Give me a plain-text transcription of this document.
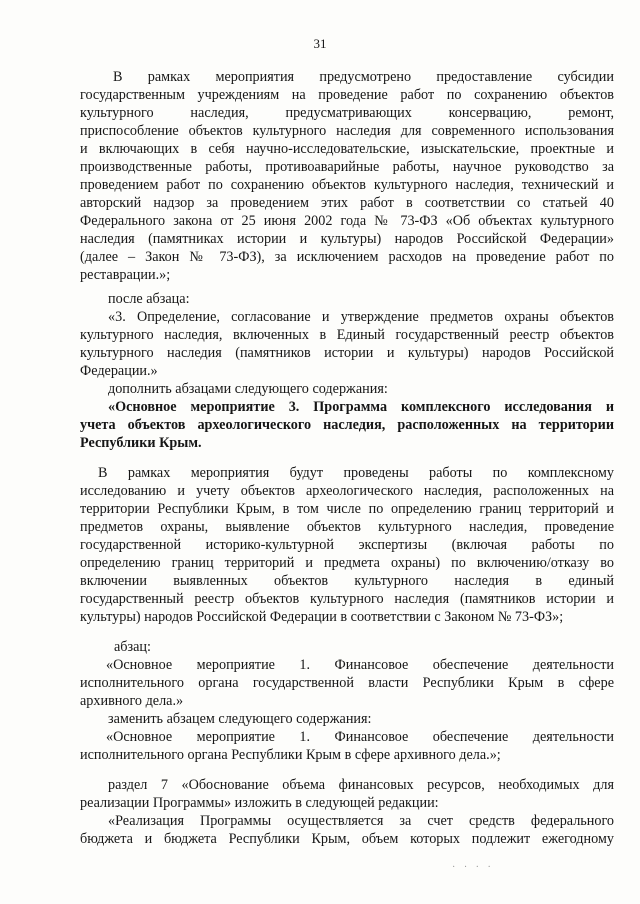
31
В рамках мероприятия предусмотрено предоставление субсидии
государственным учреждениям на проведение работ по сохранению объектов
культурного наследия, предусматривающих консервацию, ремонт,
приспособление объектов культурного наследия для современного использования
и включающих в себя научно-исследовательские, изыскательские, проектные и
производственные работы, противоаварийные работы, научное руководство за
проведением работ по сохранению объектов культурного наследия, технический и
авторский надзор за проведением этих работ в соответствии со статьей 40
Федерального закона от 25 июня 2002 года № 73-ФЗ «Об объектах культурного
наследия (памятниках истории и культуры) народов Российской Федерации»
(далее – Закон № 73-ФЗ), за исключением расходов на проведение работ по
реставрации.»;
после абзаца:
«3. Определение, согласование и утверждение предметов охраны объектов
культурного наследия, включенных в Единый государственный реестр объектов
культурного наследия (памятников истории и культуры) народов Российской
Федерации.»
дополнить абзацами следующего содержания:
«Основное мероприятие 3. Программа комплексного исследования и
учета объектов археологического наследия, расположенных на территории
Республики Крым.
В рамках мероприятия будут проведены работы по комплексному
исследованию и учету объектов археологического наследия, расположенных на
территории Республики Крым, в том числе по определению границ территорий и
предметов охраны, выявление объектов культурного наследия, проведение
государственной историко-культурной экспертизы (включая работы по
определению границ территорий и предмета охраны) по включению/отказу во
включении выявленных объектов культурного наследия в единый
государственный реестр объектов культурного наследия (памятников истории и
культуры) народов Российской Федерации в соответствии с Законом № 73-ФЗ»;
абзац:
«Основное мероприятие 1. Финансовое обеспечение деятельности
исполнительного органа государственной власти Республики Крым в сфере
архивного дела.»
заменить абзацем следующего содержания:
«Основное мероприятие 1. Финансовое обеспечение деятельности
исполнительного органа Республики Крым в сфере архивного дела.»;
раздел 7 «Обоснование объема финансовых ресурсов, необходимых для
реализации Программы» изложить в следующей редакции:
«Реализация Программы осуществляется за счет средств федерального
бюджета и бюджета Республики Крым, объем которых подлежит ежегодному
· · · ·
